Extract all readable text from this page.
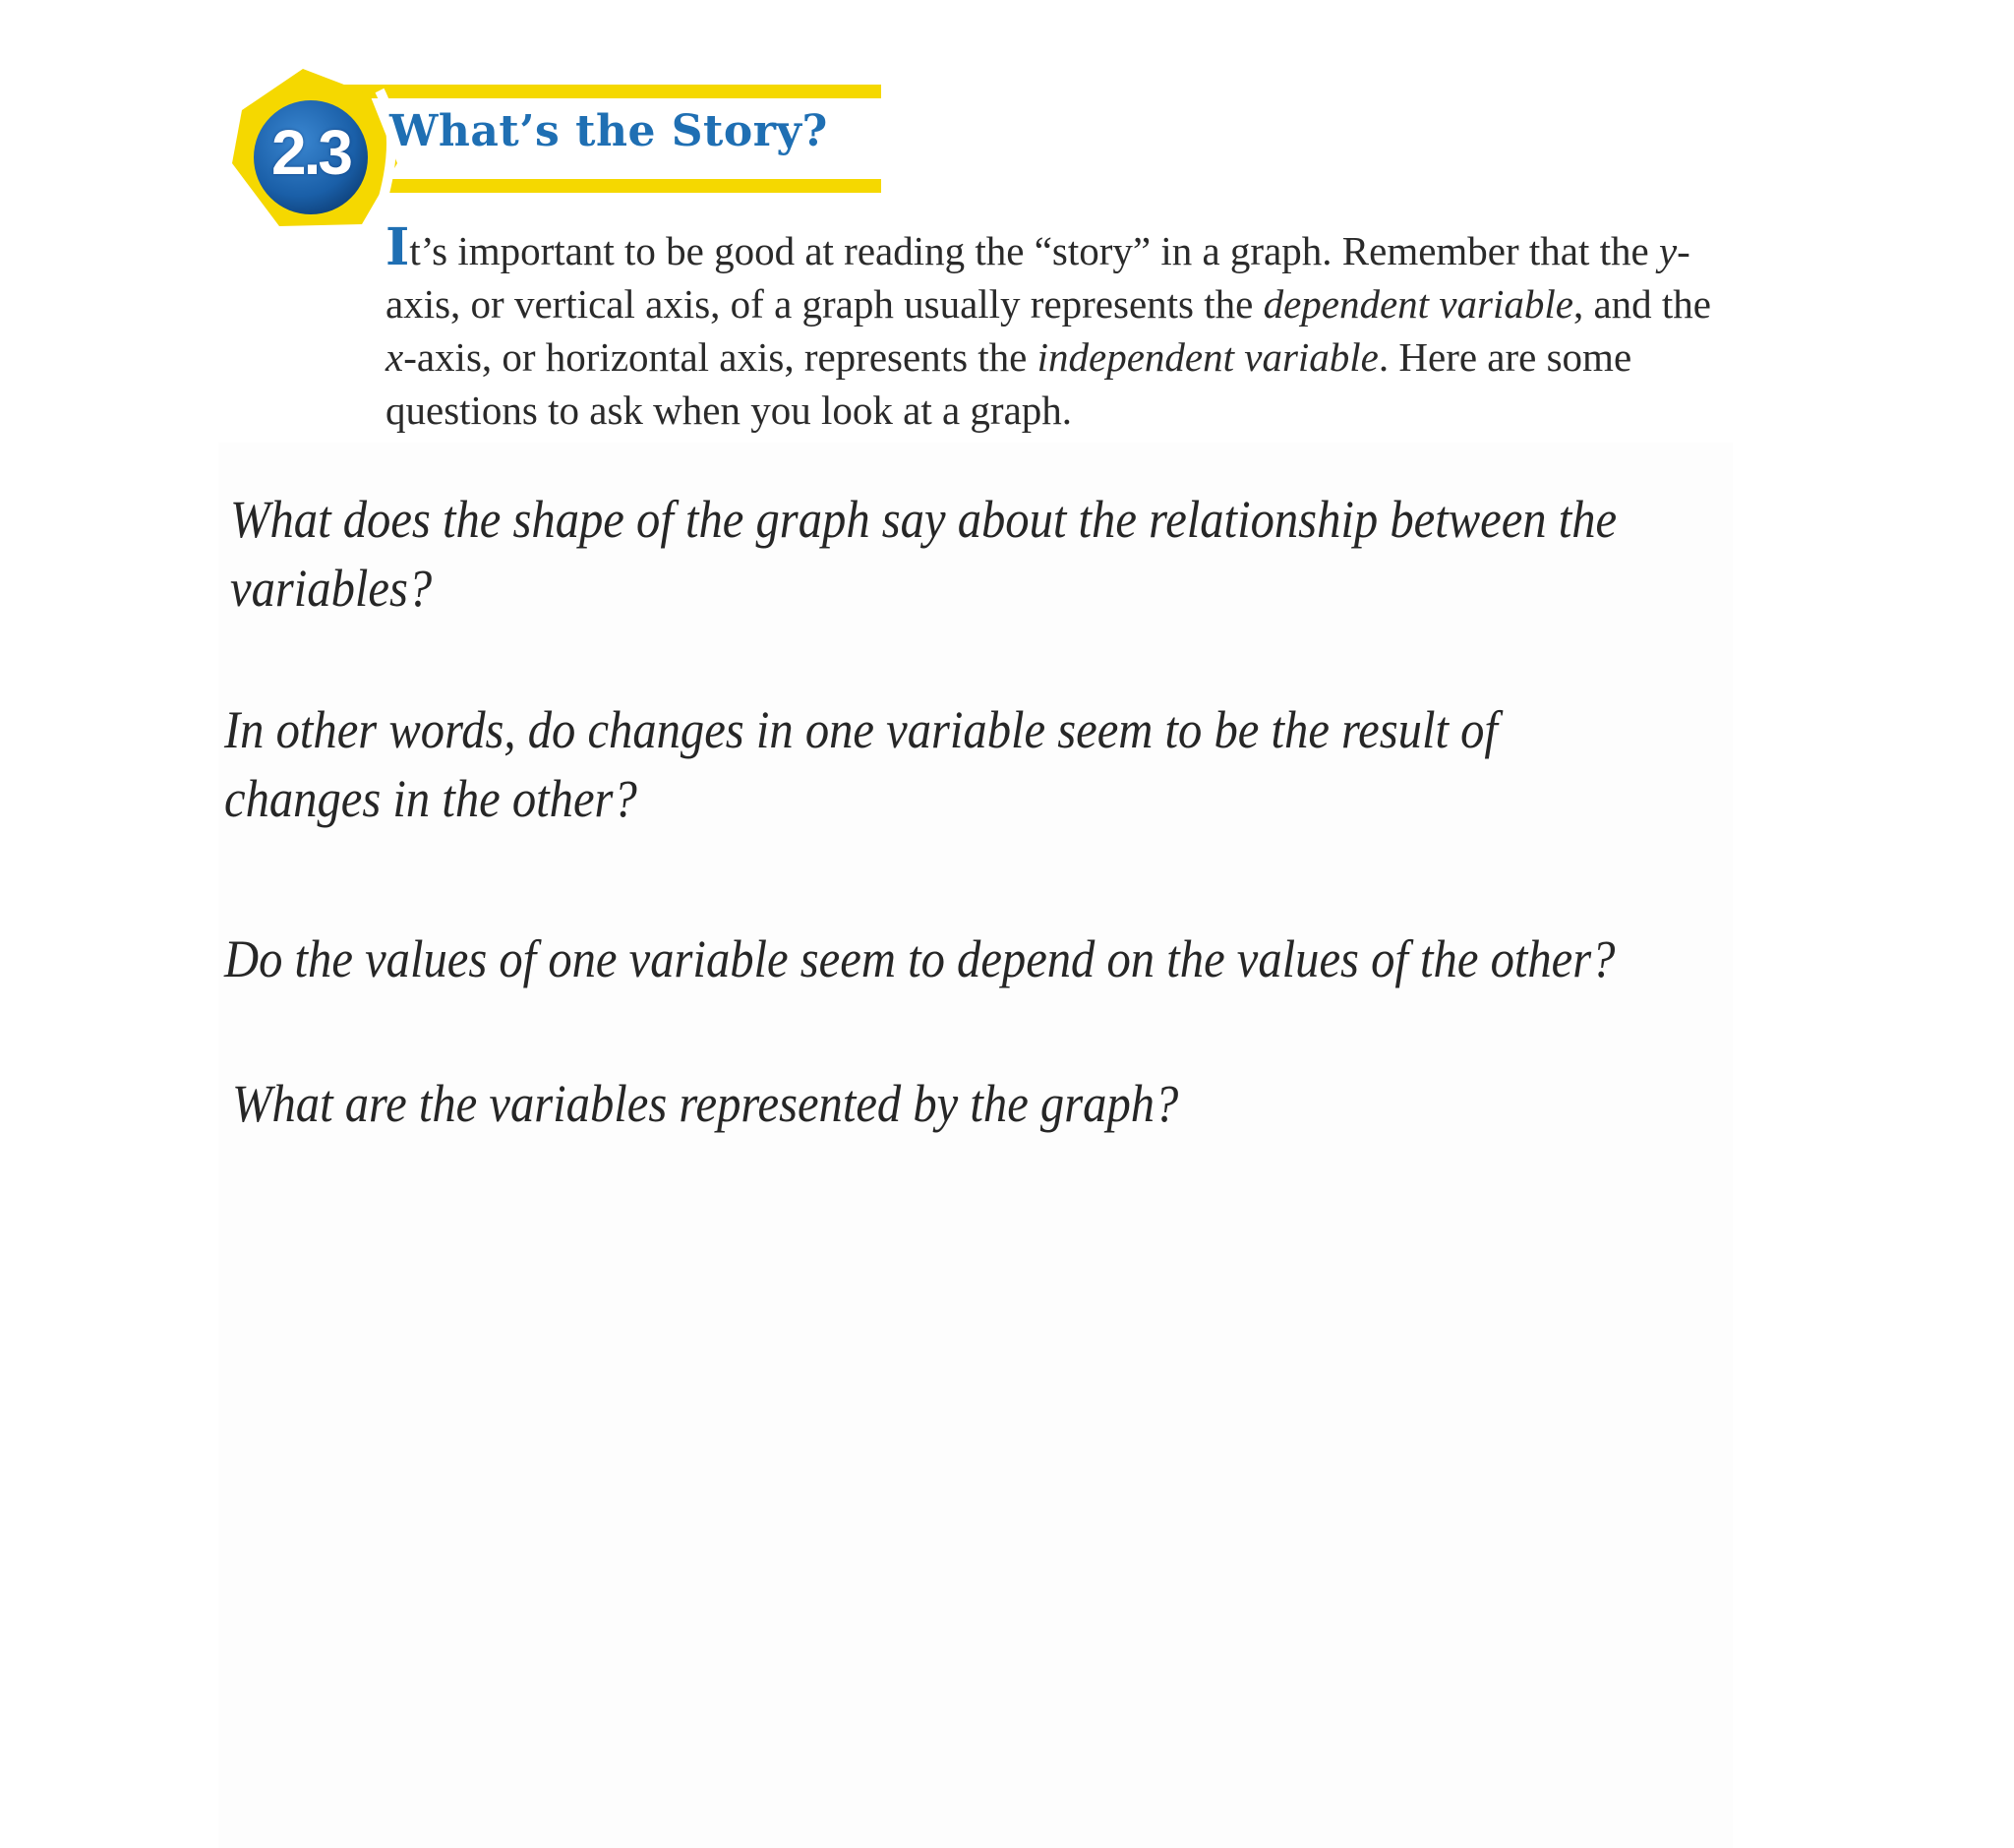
2.3 What’s the Story?

It’s important to be good at reading the “story” in a graph. Remember that the y-axis, or vertical axis, of a graph usually represents the dependent variable, and the x-axis, or horizontal axis, represents the independent variable. Here are some questions to ask when you look at a graph.

What does the shape of the graph say about the relationship between the variables?

In other words, do changes in one variable seem to be the result of changes in the other?

Do the values of one variable seem to depend on the values of the other?

What are the variables represented by the graph?
